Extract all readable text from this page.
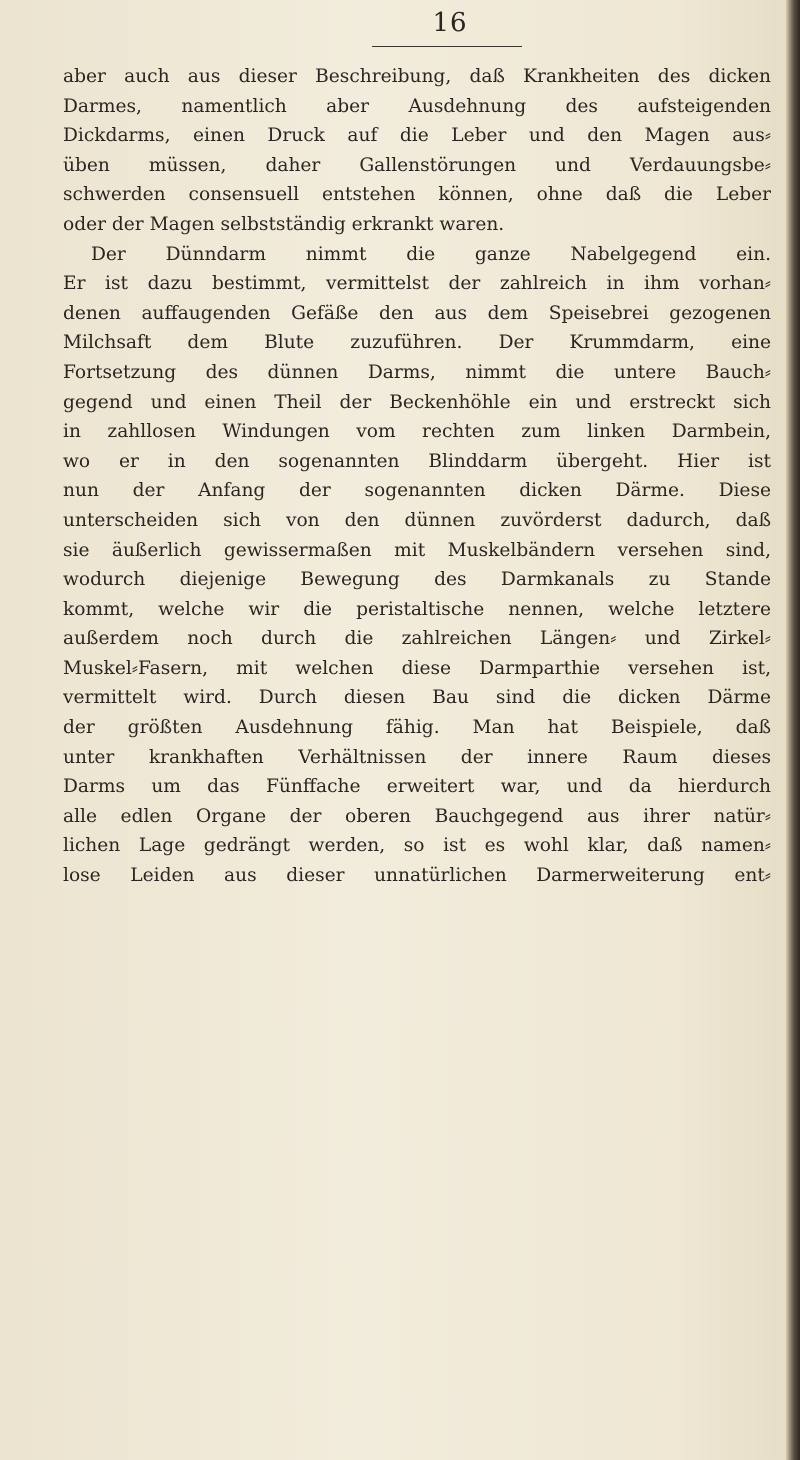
16
aber auch aus dieser Beschreibung, daß Krankheiten des dicken
Darmes, namentlich aber Ausdehnung des aufsteigenden
Dickdarms, einen Druck auf die Leber und den Magen aus⸗
üben müssen, daher Gallenstörungen und Verdauungsbe⸗
schwerden consensuell entstehen können, ohne daß die Leber
oder der Magen selbstständig erkrankt waren.
Der Dünndarm nimmt die ganze Nabelgegend ein.
Er ist dazu bestimmt, vermittelst der zahlreich in ihm vorhan⸗
denen auffaugenden Gefäße den aus dem Speisebrei gezogenen
Milchsaft dem Blute zuzuführen. Der Krummdarm, eine
Fortsetzung des dünnen Darms, nimmt die untere Bauch⸗
gegend und einen Theil der Beckenhöhle ein und erstreckt sich
in zahllosen Windungen vom rechten zum linken Darmbein,
wo er in den sogenannten Blinddarm übergeht. Hier ist
nun der Anfang der sogenannten dicken Därme. Diese
unterscheiden sich von den dünnen zuvörderst dadurch, daß
sie äußerlich gewissermaßen mit Muskelbändern versehen sind,
wodurch diejenige Bewegung des Darmkanals zu Stande
kommt, welche wir die peristaltische nennen, welche letztere
außerdem noch durch die zahlreichen Längen⸗ und Zirkel⸗
Muskel⸗Fasern, mit welchen diese Darmparthie versehen ist,
vermittelt wird. Durch diesen Bau sind die dicken Därme
der größten Ausdehnung fähig. Man hat Beispiele, daß
unter krankhaften Verhältnissen der innere Raum dieses
Darms um das Fünffache erweitert war, und da hierdurch
alle edlen Organe der oberen Bauchgegend aus ihrer natür⸗
lichen Lage gedrängt werden, so ist es wohl klar, daß namen⸗
lose Leiden aus dieser unnatürlichen Darmerweiterung ent⸗
